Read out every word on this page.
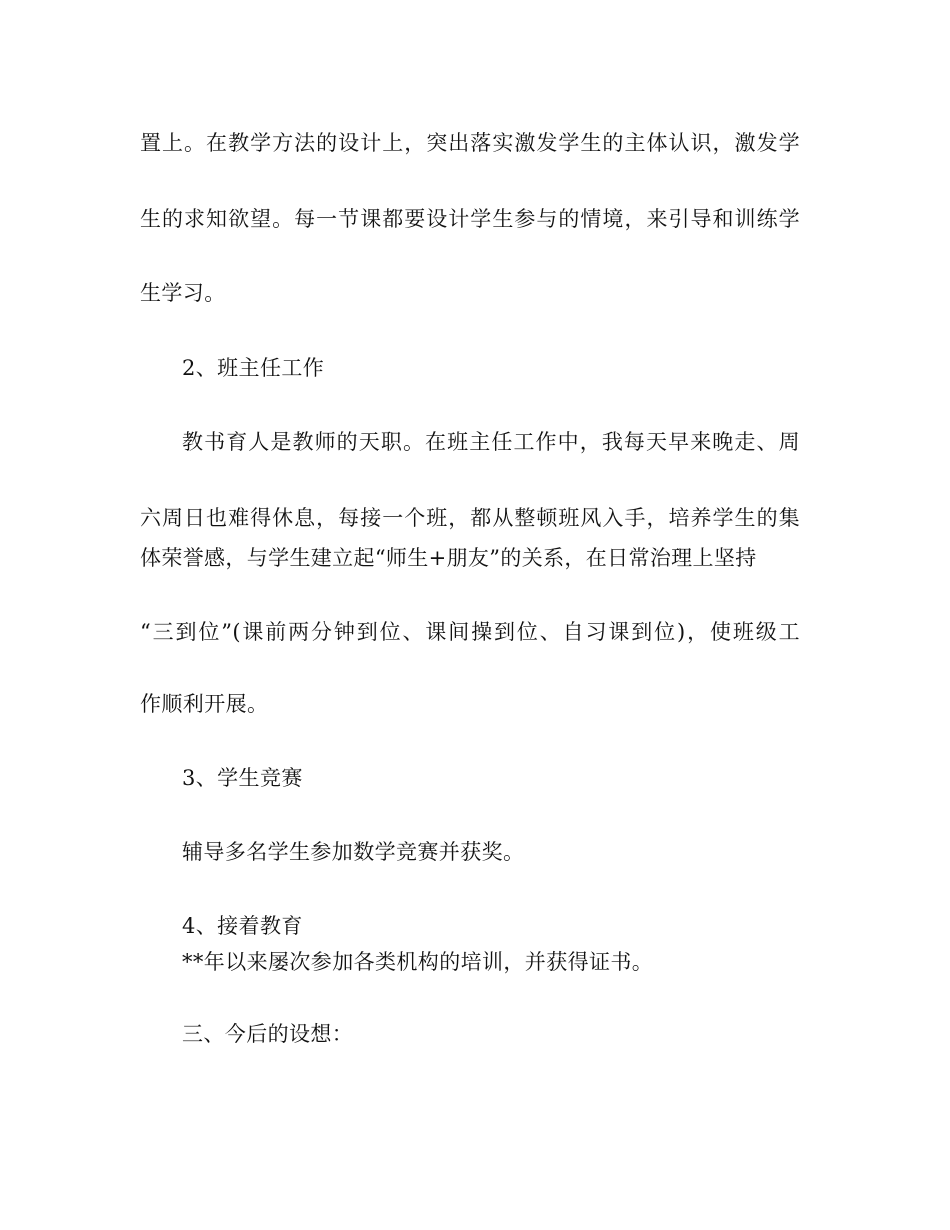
置上。在教学方法的设计上，突出落实激发学生的主体认识，激发学
生的求知欲望。每一节课都要设计学生参与的情境，来引导和训练学
生学习。
2、班主任工作
教书育人是教师的天职。在班主任工作中，我每天早来晚走、周
六周日也难得休息，每接一个班，都从整顿班风入手，培养学生的集
体荣誉感，与学生建立起“师生+朋友”的关系，在日常治理上坚持
“三到位”(课前两分钟到位、课间操到位、自习课到位)，使班级工
作顺利开展。
3、学生竞赛
辅导多名学生参加数学竞赛并获奖。
4、接着教育
**年以来屡次参加各类机构的培训，并获得证书。
三、今后的设想：
